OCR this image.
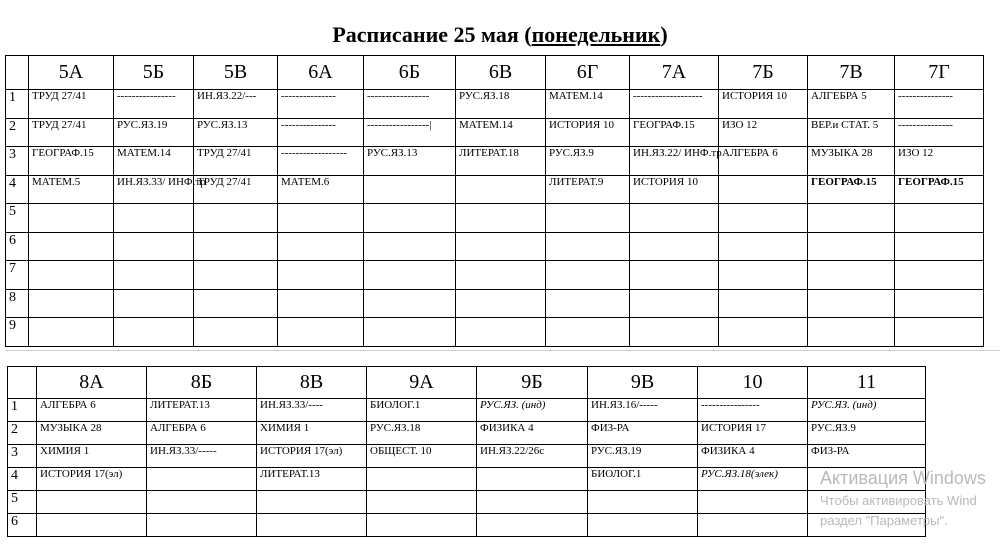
Расписание 25 мая (понедельник)
	5А	5Б	5В	6А	6Б	6В	6Г	7А	7Б	7В	7Г
1	ТРУД 27/41	----------------	ИН.ЯЗ.22/---	---------------	-----------------	РУС.ЯЗ.18	МАТЕМ.14	-------------------	ИСТОРИЯ 10	АЛГЕБРА 5	---------------
2	ТРУД 27/41	РУС.ЯЗ.19	РУС.ЯЗ.13	---------------	-----------------|	МАТЕМ.14	ИСТОРИЯ 10	ГЕОГРАФ.15	ИЗО 12	ВЕР.и СТАТ. 5	---------------
3	ГЕОГРАФ.15	МАТЕМ.14	ТРУД 27/41	------------------	РУС.ЯЗ.13	ЛИТЕРАТ.18	РУС.ЯЗ.9	ИН.ЯЗ.22/ ИНФ.тр	АЛГЕБРА 6	МУЗЫКА 28	ИЗО 12
4	МАТЕМ.5	ИН.ЯЗ.33/ ИНФ.тр	ТРУД 27/41	МАТЕМ.6			ЛИТЕРАТ.9	ИСТОРИЯ 10		ГЕОГРАФ.15	ГЕОГРАФ.15
5											
6											
7											
8											
9											
	8А	8Б	8В	9А	9Б	9В	10	11
1	АЛГЕБРА 6	ЛИТЕРАТ.13	ИН.ЯЗ.33/----	БИОЛОГ.1	РУС.ЯЗ. (инд)	ИН.ЯЗ.16/-----	----------------	РУС.ЯЗ. (инд)
2	МУЗЫКА 28	АЛГЕБРА 6	ХИМИЯ 1	РУС.ЯЗ.18	ФИЗИКА 4	ФИЗ-РА	ИСТОРИЯ 17	РУС.ЯЗ.9
3	ХИМИЯ 1	ИН.ЯЗ.33/-----	ИСТОРИЯ 17(эл)	ОБЩЕСТ. 10	ИН.ЯЗ.22/26с	РУС.ЯЗ.19	ФИЗИКА 4	ФИЗ-РА
4	ИСТОРИЯ 17(эл)		ЛИТЕРАТ.13			БИОЛОГ.1	РУС.ЯЗ.18(элек)	
5								
6								
Активация Windows
Чтобы активировать Wind
раздел "Параметры".
